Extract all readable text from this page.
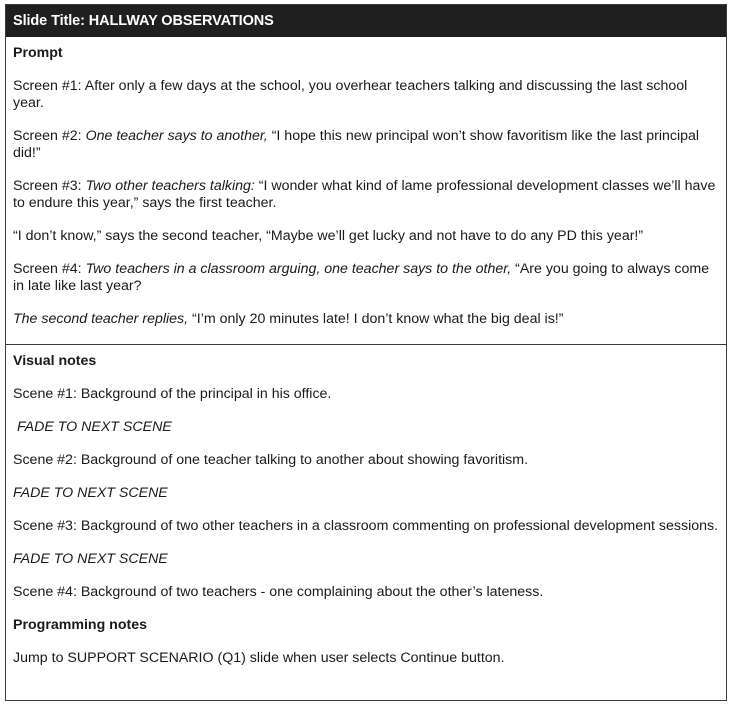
Slide Title: HALLWAY OBSERVATIONS
Prompt
Screen #1: After only a few days at the school, you overhear teachers talking and discussing the last school year.
Screen #2: One teacher says to another, “I hope this new principal won’t show favoritism like the last principal did!”
Screen #3: Two other teachers talking: “I wonder what kind of lame professional development classes we’ll have to endure this year,” says the first teacher.
“I don’t know,” says the second teacher, “Maybe we’ll get lucky and not have to do any PD this year!”
Screen #4: Two teachers in a classroom arguing, one teacher says to the other, “Are you going to always come in late like last year?
The second teacher replies, “I’m only 20 minutes late! I don’t know what the big deal is!”
Visual notes
Scene #1: Background of the principal in his office.
FADE TO NEXT SCENE
Scene #2: Background of one teacher talking to another about showing favoritism.
FADE TO NEXT SCENE
Scene #3: Background of two other teachers in a classroom commenting on professional development sessions.
FADE TO NEXT SCENE
Scene #4: Background of two teachers - one complaining about the other’s lateness.
Programming notes
Jump to SUPPORT SCENARIO (Q1) slide when user selects Continue button.
